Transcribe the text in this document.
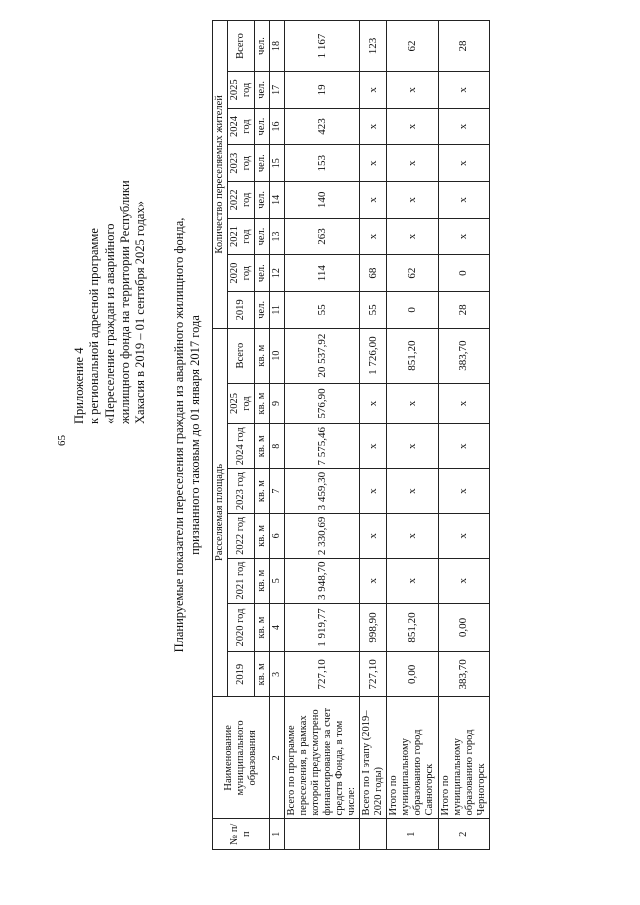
65
Приложение 4 к региональной адресной программе «Переселение граждан из аварийного жилищного фонда на территории Республики Хакасия в 2019 – 01 сентября 2025 годах» Планируемые показатели переселения граждан из аварийного жилищного фонда, признанного таковым до 01 января 2017 года
№ п/п	Наименование муниципального образования	Расселяемая площадь								Количество переселяемых жителей							
		2019	2020 год	2021 год	2022 год	2023 год	2024 год	2025 год	Всего	2019	2020 год	2021 год	2022 год	2023 год	2024 год	2025 год	Всего
		кв. м	кв. м	кв. м	кв. м	кв. м	кв. м	кв. м	кв. м	чел.	чел.	чел.	чел.	чел.	чел.	чел.	чел.
1	2	3	4	5	6	7	8	9	10	11	12	13	14	15	16	17	18
	Всего по программе переселения, в рамках которой предусмотрено финансирование за счет средств Фонда, в том числе:	727,10	1 919,77	3 948,70	2 330,69	3 459,30	7 575,46	576,90	20 537,92	55	114	263	140	153	423	19	1 167
	Всего по I этапу (2019–2020 годы)	727,10	998,90	x	x	x	x	x	1 726,00	55	68	x	x	x	x	x	123
1	Итого по муниципальному образованию город Саяногорск	0,00	851,20	x	x	x	x	x	851,20	0	62	x	x	x	x	x	62
2	Итого по муниципальному образованию город Черногорск	383,70	0,00	x	x	x	x	x	383,70	28	0	x	x	x	x	x	28
